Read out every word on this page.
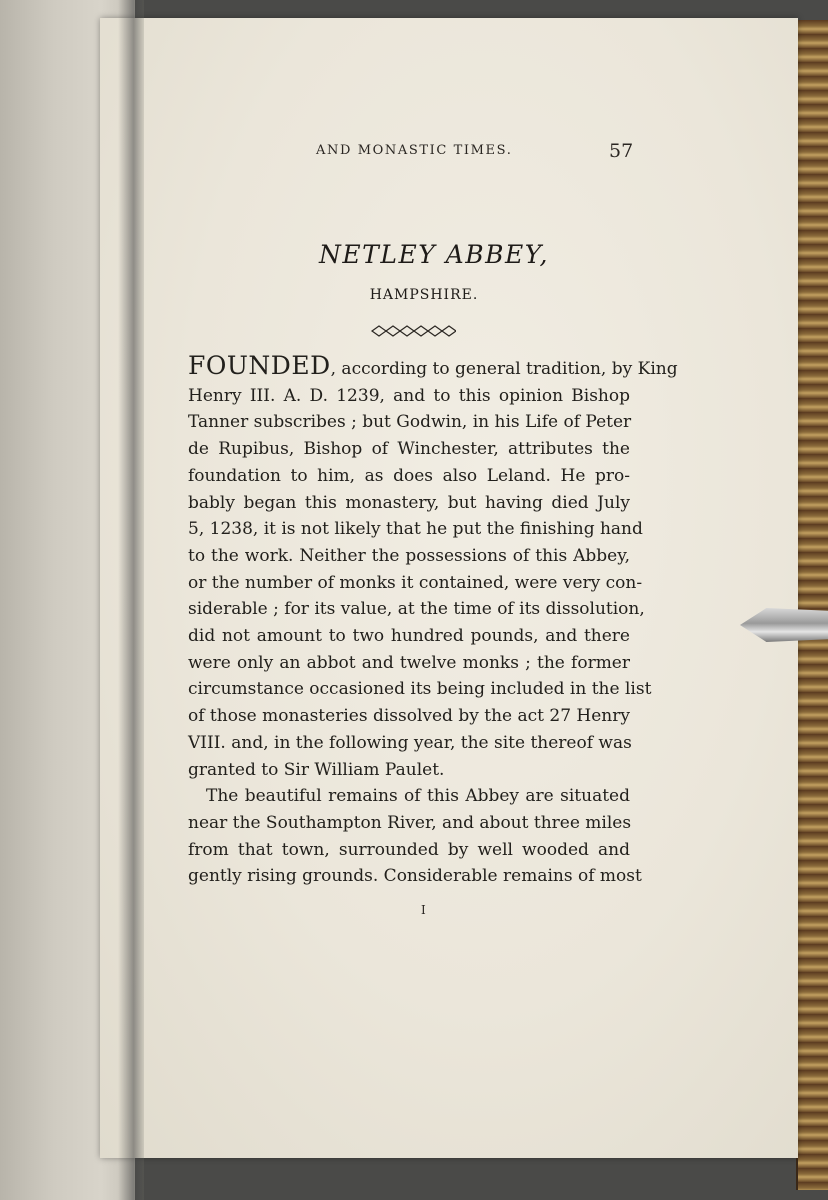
AND MONASTIC TIMES.	57
NETLEY ABBEY,
HAMPSHIRE.
FOUNDED, according to general tradition, by King
Henry III. A. D. 1239, and to this opinion Bishop
Tanner subscribes ; but Godwin, in his Life of Peter
de Rupibus, Bishop of Winchester, attributes the
foundation to him, as does also Leland. He pro-
bably began this monastery, but having died July
5, 1238, it is not likely that he put the finishing hand
to the work. Neither the possessions of this Abbey,
or the number of monks it contained, were very con-
siderable ; for its value, at the time of its dissolution,
did not amount to two hundred pounds, and there
were only an abbot and twelve monks ; the former
circumstance occasioned its being included in the list
of those monasteries dissolved by the act 27 Henry
VIII. and, in the following year, the site thereof was
granted to Sir William Paulet.
The beautiful remains of this Abbey are situated
near the Southampton River, and about three miles
from that town, surrounded by well wooded and
gently rising grounds. Considerable remains of most
I
